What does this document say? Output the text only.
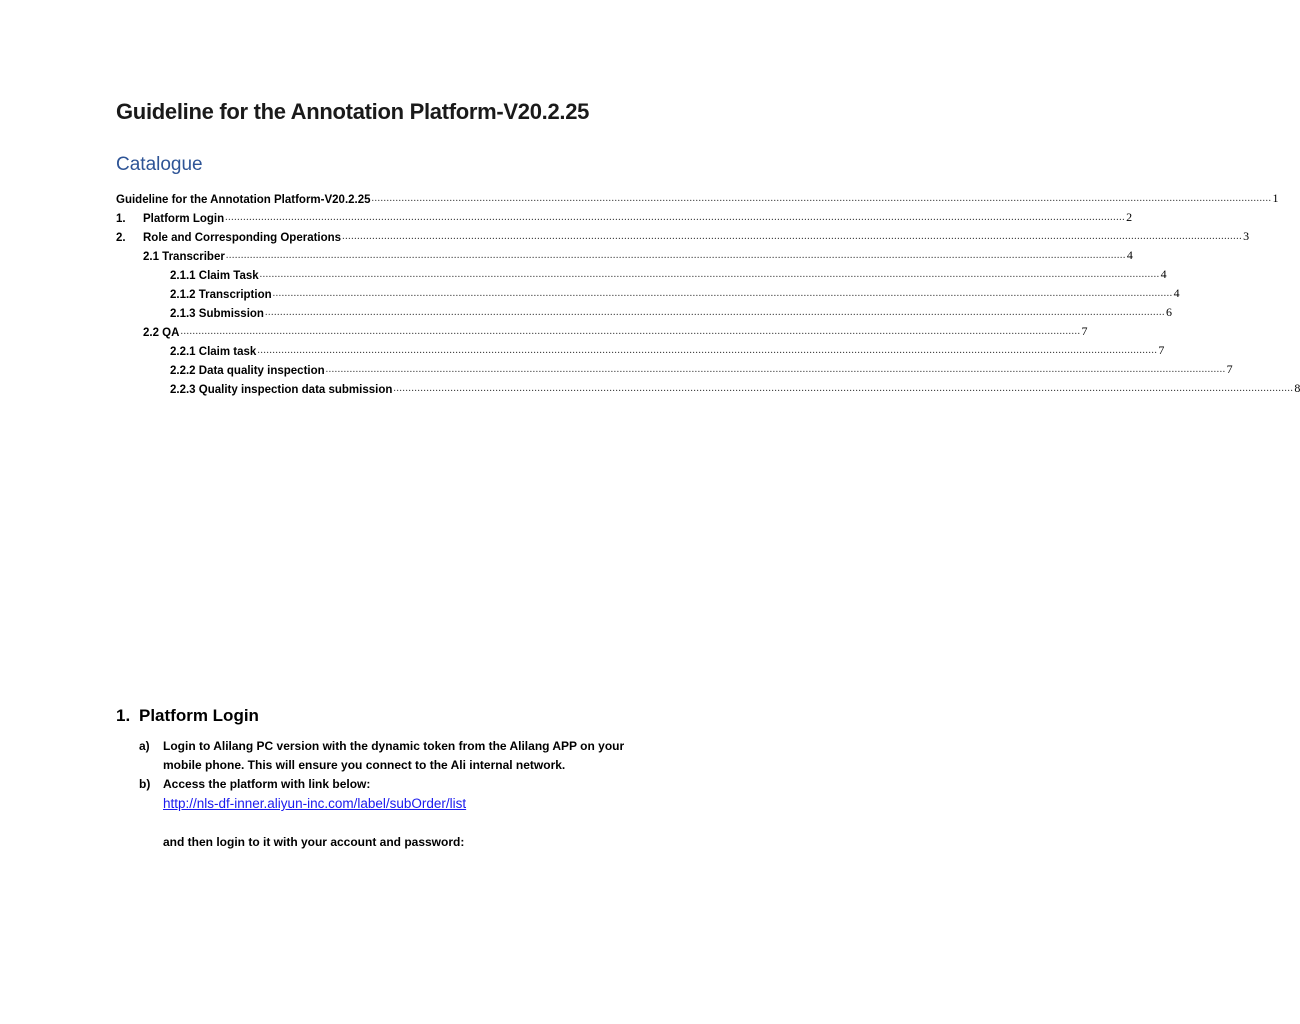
Guideline for the Annotation Platform-V20.2.25
Catalogue
Guideline for the Annotation Platform-V20.2.25 ............................................................................................................................................................................................................................................................................................................ 1
1.	Platform Login ............................................................................................................................................................................................................................................................................................................ 2
2.	Role and Corresponding Operations ............................................................................................................................................................................................................................................................................................................ 3
2.1 Transcriber ............................................................................................................................................................................................................................................................................................................ 4
2.1.1 Claim Task ............................................................................................................................................................................................................................................................................................................ 4
2.1.2 Transcription ............................................................................................................................................................................................................................................................................................................ 4
2.1.3 Submission ............................................................................................................................................................................................................................................................................................................ 6
2.2 QA ............................................................................................................................................................................................................................................................................................................ 7
2.2.1 Claim task ............................................................................................................................................................................................................................................................................................................ 7
2.2.2 Data quality inspection ............................................................................................................................................................................................................................................................................................................ 7
2.2.3 Quality inspection data submission ............................................................................................................................................................................................................................................................................................................ 8
1. Platform Login
a) Login to Alilang PC version with the dynamic token from the Alilang APP on your mobile phone. This will ensure you connect to the Ali internal network.
b) Access the platform with link below:
http://nls-df-inner.aliyun-inc.com/label/subOrder/list
and then login to it with your account and password:
